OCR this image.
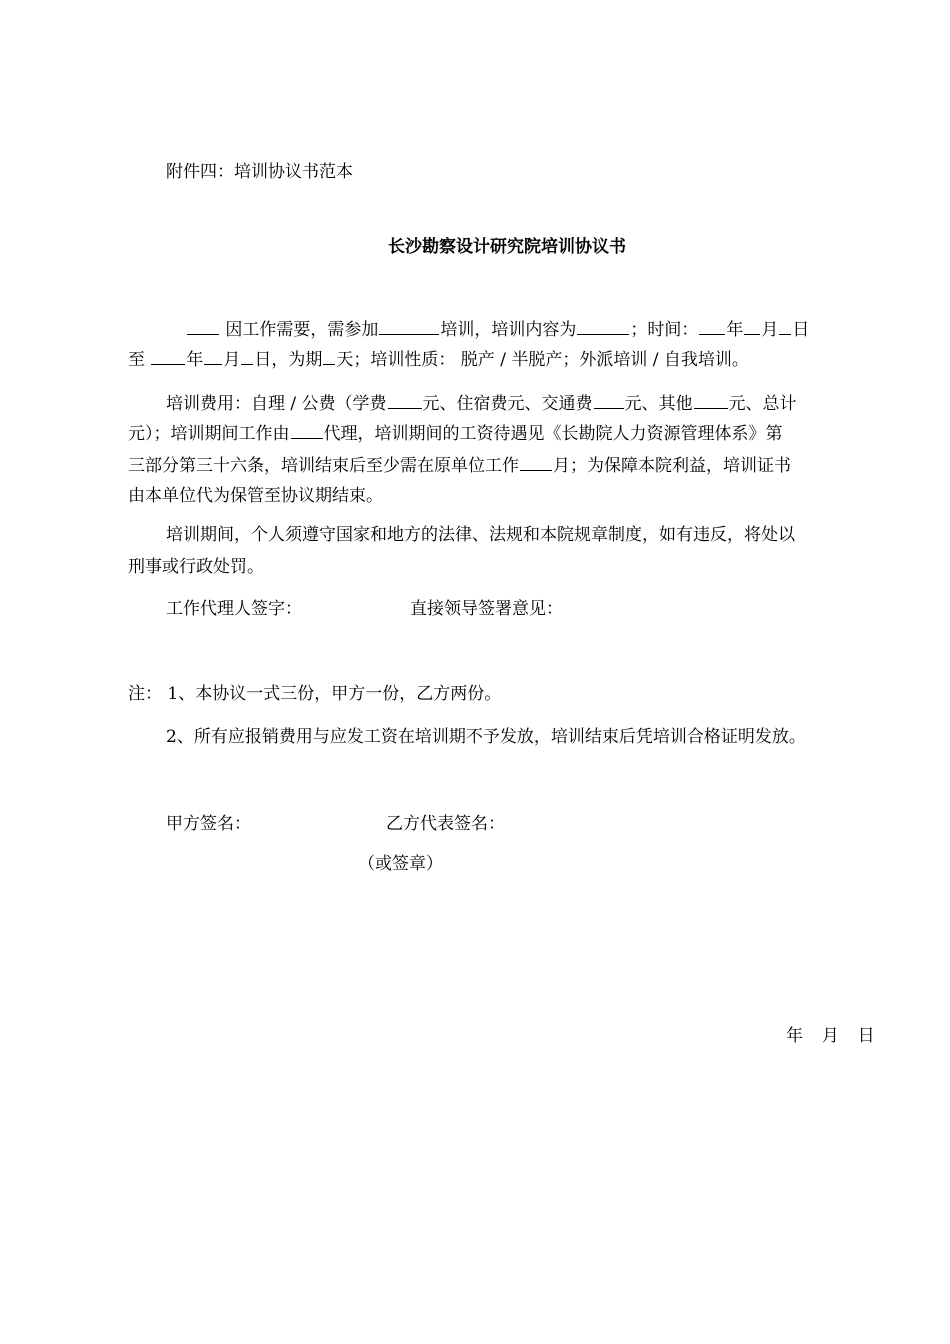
附件四：培训协议书范本
长沙勘察设计研究院培训协议书
因工作需要，需参加	培训，培训内容为	；时间： 年 月 日
至 年 月 日，为期 天；培训性质： 脱产 / 半脱产；外派培训 / 自我培训。
培训费用：自理 / 公费（学费 元、住宿费元、交通费 元、其他 元、总计
元）；培训期间工作由 代理，培训期间的工资待遇见《长勘院人力资源管理体系》第
三部分第三十六条，培训结束后至少需在原单位工作 月；为保障本院利益，培训证书
由本单位代为保管至协议期结束。
培训期间，个人须遵守国家和地方的法律、法规和本院规章制度，如有违反，将处以
刑事或行政处罚。
工作代理人签字：	直接领导签署意见：
注： 1、本协议一式三份，甲方一份，乙方两份。
2、所有应报销费用与应发工资在培训期不予发放，培训结束后凭培训合格证明发放。
甲方签名：	乙方代表签名：
（或签章）
年 月 日
